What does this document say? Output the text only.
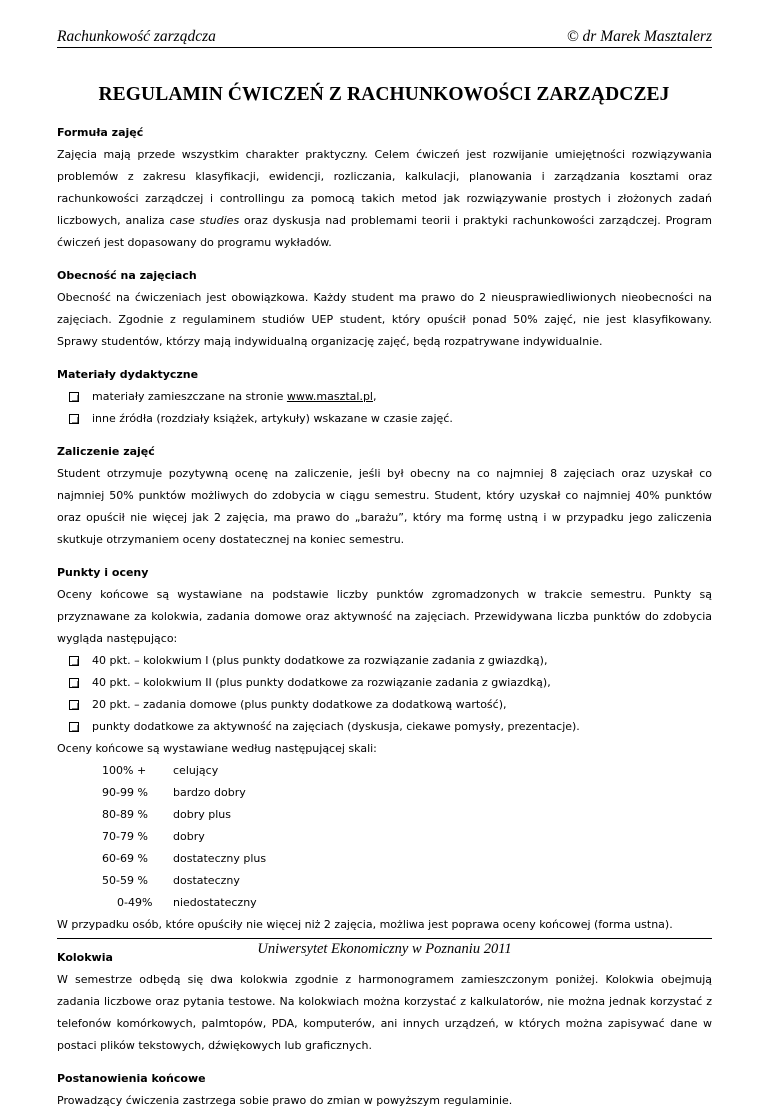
Rachunkowość zarządcza	© dr Marek Masztalerz
REGULAMIN ĆWICZEŃ Z RACHUNKOWOŚCI ZARZĄDCZEJ
Formuła zajęć
Zajęcia mają przede wszystkim charakter praktyczny. Celem ćwiczeń jest rozwijanie umiejętności rozwiązywania problemów z zakresu klasyfikacji, ewidencji, rozliczania, kalkulacji, planowania i zarządzania kosztami oraz rachunkowości zarządczej i controllingu za pomocą takich metod jak rozwiązywanie prostych i złożonych zadań liczbowych, analiza case studies oraz dyskusja nad problemami teorii i praktyki rachunkowości zarządczej. Program ćwiczeń jest dopasowany do programu wykładów.
Obecność na zajęciach
Obecność na ćwiczeniach jest obowiązkowa. Każdy student ma prawo do 2 nieusprawiedliwionych nieobecności na zajęciach. Zgodnie z regulaminem studiów UEP student, który opuścił ponad 50% zajęć, nie jest klasyfikowany. Sprawy studentów, którzy mają indywidualną organizację zajęć, będą rozpatrywane indywidualnie.
Materiały dydaktyczne
materiały zamieszczane na stronie www.masztal.pl,
inne źródła (rozdziały książek, artykuły) wskazane w czasie zajęć.
Zaliczenie zajęć
Student otrzymuje pozytywną ocenę na zaliczenie, jeśli był obecny na co najmniej 8 zajęciach oraz uzyskał co najmniej 50% punktów możliwych do zdobycia w ciągu semestru. Student, który uzyskał co najmniej 40% punktów oraz opuścił nie więcej jak 2 zajęcia, ma prawo do „barażu”, który ma formę ustną i w przypadku jego zaliczenia skutkuje otrzymaniem oceny dostatecznej na koniec semestru.
Punkty i oceny
Oceny końcowe są wystawiane na podstawie liczby punktów zgromadzonych w trakcie semestru. Punkty są przyznawane za kolokwia, zadania domowe oraz aktywność na zajęciach. Przewidywana liczba punktów do zdobycia wygląda następująco:
40 pkt. – kolokwium I (plus punkty dodatkowe za rozwiązanie zadania z gwiazdką),
40 pkt. – kolokwium II (plus punkty dodatkowe za rozwiązanie zadania z gwiazdką),
20 pkt. – zadania domowe (plus punkty dodatkowe za dodatkową wartość),
punkty dodatkowe za aktywność na zajęciach (dyskusja, ciekawe pomysły, prezentacje).
Oceny końcowe są wystawiane według następującej skali:
100% + celujący
90-99 % bardzo dobry
80-89 % dobry plus
70-79 % dobry
60-69 % dostateczny plus
50-59 % dostateczny
0-49% niedostateczny
W przypadku osób, które opuściły nie więcej niż 2 zajęcia, możliwa jest poprawa oceny końcowej (forma ustna).
Kolokwia
W semestrze odbędą się dwa kolokwia zgodnie z harmonogramem zamieszczonym poniżej. Kolokwia obejmują zadania liczbowe oraz pytania testowe. Na kolokwiach można korzystać z kalkulatorów, nie można jednak korzystać z telefonów komórkowych, palmtopów, PDA, komputerów, ani innych urządzeń, w których można zapisywać dane w postaci plików tekstowych, dźwiękowych lub graficznych.
Postanowienia końcowe
Prowadzący ćwiczenia zastrzega sobie prawo do zmian w powyższym regulaminie.
Uniwersytet Ekonomiczny w Poznaniu 2011
